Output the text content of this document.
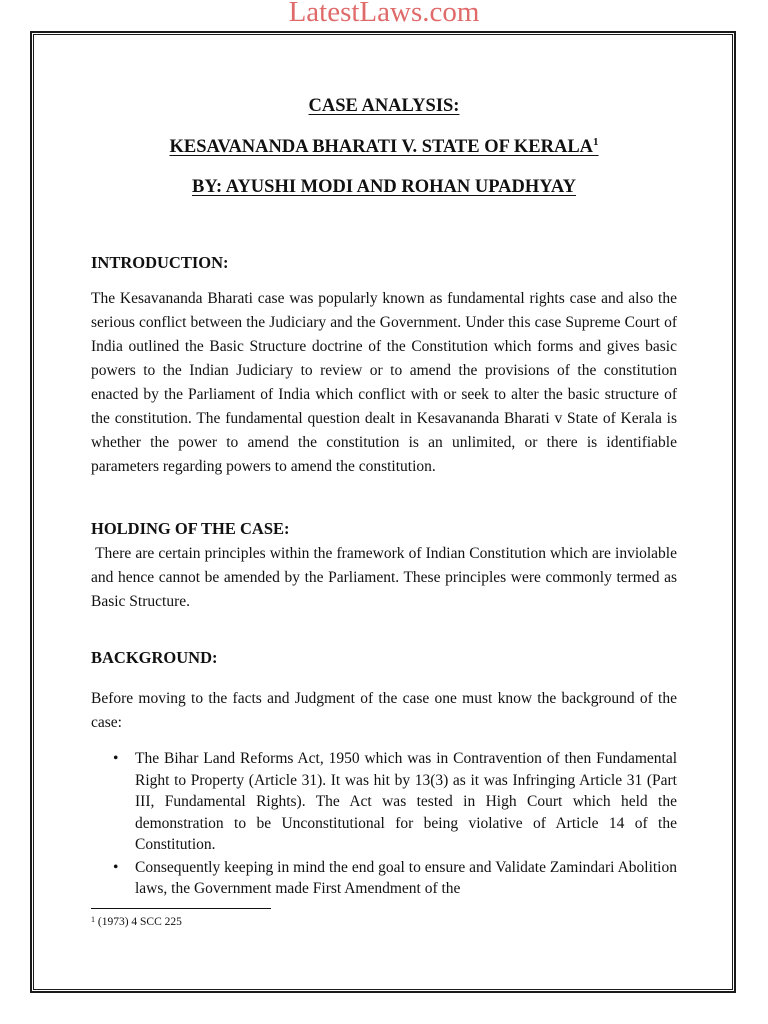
LatestLaws.com

CASE ANALYSIS:

KESAVANANDA BHARATI V. STATE OF KERALA$^1$

BY: AYUSHI MODI AND ROHAN UPADHYAY

INTRODUCTION:

The Kesavananda Bharati case was popularly known as fundamental rights case and also the serious conflict between the Judiciary and the Government. Under this case Supreme Court of India outlined the Basic Structure doctrine of the Constitution which forms and gives basic powers to the Indian Judiciary to review or to amend the provisions of the constitution enacted by the Parliament of India which conflict with or seek to alter the basic structure of the constitution. The fundamental question dealt in Kesavananda Bharati v State of Kerala is whether the power to amend the constitution is an unlimited, or there is identifiable parameters regarding powers to amend the constitution.

HOLDING OF THE CASE:

There are certain principles within the framework of Indian Constitution which are inviolable and hence cannot be amended by the Parliament. These principles were commonly termed as Basic Structure.

BACKGROUND:

Before moving to the facts and Judgment of the case one must know the background of the case:

• The Bihar Land Reforms Act, 1950 which was in Contravention of then Fundamental Right to Property (Article 31). It was hit by 13(3) as it was Infringing Article 31 (Part III, Fundamental Rights). The Act was tested in High Court which held the demonstration to be Unconstitutional for being violative of Article 14 of the Constitution.
• Consequently keeping in mind the end goal to ensure and Validate Zamindari Abolition laws, the Government made First Amendment of the

$^1$ (1973) 4 SCC 225
